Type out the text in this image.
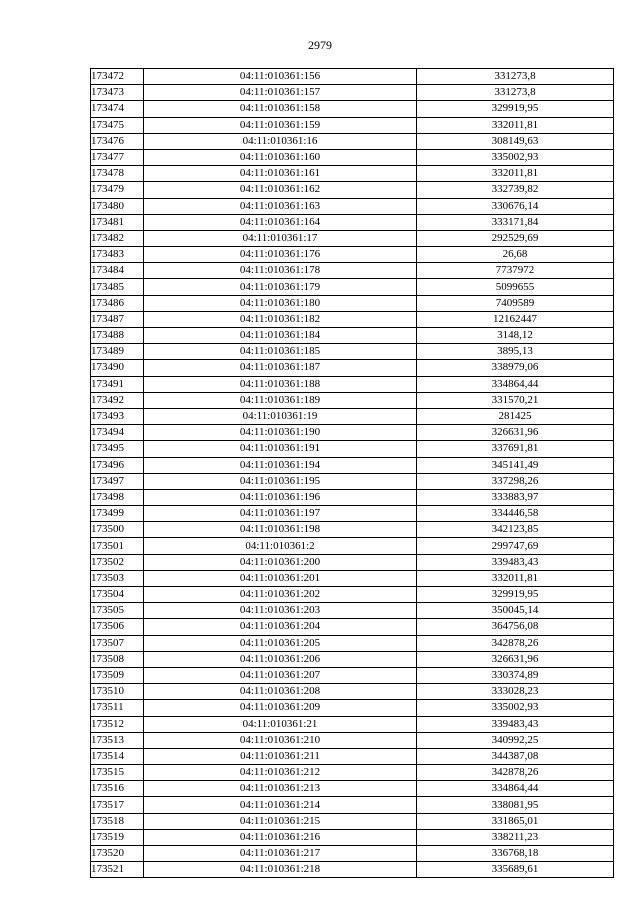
2979
173472	04:11:010361:156	331273,8
173473	04:11:010361:157	331273,8
173474	04:11:010361:158	329919,95
173475	04:11:010361:159	332011,81
173476	04:11:010361:16	308149,63
173477	04:11:010361:160	335002,93
173478	04:11:010361:161	332011,81
173479	04:11:010361:162	332739,82
173480	04:11:010361:163	330676,14
173481	04:11:010361:164	333171,84
173482	04:11:010361:17	292529,69
173483	04:11:010361:176	26,68
173484	04:11:010361:178	7737972
173485	04:11:010361:179	5099655
173486	04:11:010361:180	7409589
173487	04:11:010361:182	12162447
173488	04:11:010361:184	3148,12
173489	04:11:010361:185	3895,13
173490	04:11:010361:187	338979,06
173491	04:11:010361:188	334864,44
173492	04:11:010361:189	331570,21
173493	04:11:010361:19	281425
173494	04:11:010361:190	326631,96
173495	04:11:010361:191	337691,81
173496	04:11:010361:194	345141,49
173497	04:11:010361:195	337298,26
173498	04:11:010361:196	333883,97
173499	04:11:010361:197	334446,58
173500	04:11:010361:198	342123,85
173501	04:11:010361:2	299747,69
173502	04:11:010361:200	339483,43
173503	04:11:010361:201	332011,81
173504	04:11:010361:202	329919,95
173505	04:11:010361:203	350045,14
173506	04:11:010361:204	364756,08
173507	04:11:010361:205	342878,26
173508	04:11:010361:206	326631,96
173509	04:11:010361:207	330374,89
173510	04:11:010361:208	333028,23
173511	04:11:010361:209	335002,93
173512	04:11:010361:21	339483,43
173513	04:11:010361:210	340992,25
173514	04:11:010361:211	344387,08
173515	04:11:010361:212	342878,26
173516	04:11:010361:213	334864,44
173517	04:11:010361:214	338081,95
173518	04:11:010361:215	331865,01
173519	04:11:010361:216	338211,23
173520	04:11:010361:217	336768,18
173521	04:11:010361:218	335689,61
